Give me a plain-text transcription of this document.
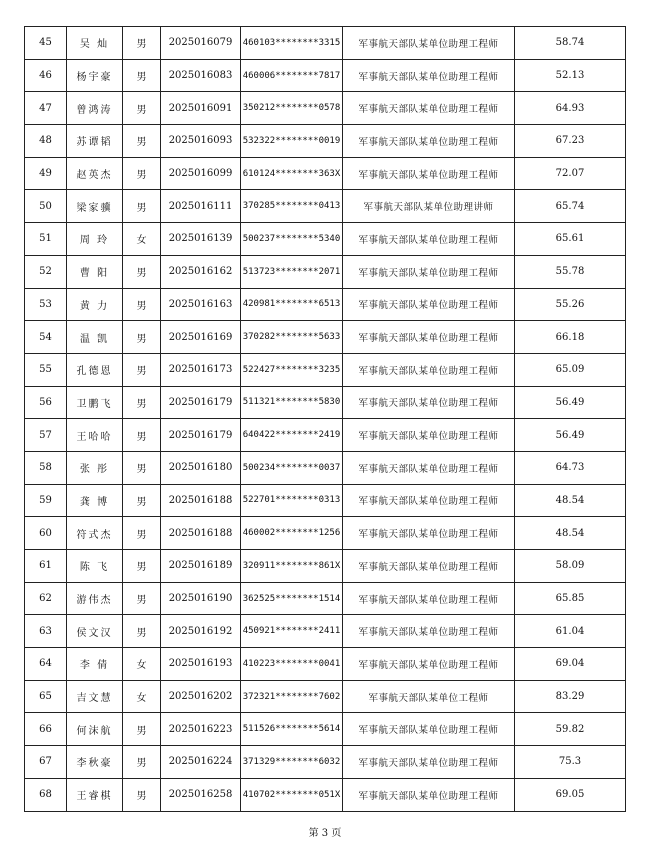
45	吴 灿	男	2025016079	460103********3315	军事航天部队某单位助理工程师	58.74
46	杨宇豪	男	2025016083	460006********7817	军事航天部队某单位助理工程师	52.13
47	曾鸿涛	男	2025016091	350212********0578	军事航天部队某单位助理工程师	64.93
48	苏谭韬	男	2025016093	532322********0019	军事航天部队某单位助理工程师	67.23
49	赵英杰	男	2025016099	610124********363X	军事航天部队某单位助理工程师	72.07
50	梁家骥	男	2025016111	370285********0413	军事航天部队某单位助理讲师	65.74
51	周 玲	女	2025016139	500237********5340	军事航天部队某单位助理工程师	65.61
52	曹 阳	男	2025016162	513723********2071	军事航天部队某单位助理工程师	55.78
53	黄 力	男	2025016163	420981********6513	军事航天部队某单位助理工程师	55.26
54	温 凯	男	2025016169	370282********5633	军事航天部队某单位助理工程师	66.18
55	孔德恩	男	2025016173	522427********3235	军事航天部队某单位助理工程师	65.09
56	卫鹏飞	男	2025016179	511321********5830	军事航天部队某单位助理工程师	56.49
57	王哈哈	男	2025016179	640422********2419	军事航天部队某单位助理工程师	56.49
58	张 彤	男	2025016180	500234********0037	军事航天部队某单位助理工程师	64.73
59	龚 博	男	2025016188	522701********0313	军事航天部队某单位助理工程师	48.54
60	符式杰	男	2025016188	460002********1256	军事航天部队某单位助理工程师	48.54
61	陈 飞	男	2025016189	320911********861X	军事航天部队某单位助理工程师	58.09
62	游伟杰	男	2025016190	362525********1514	军事航天部队某单位助理工程师	65.85
63	侯文汉	男	2025016192	450921********2411	军事航天部队某单位助理工程师	61.04
64	李 倩	女	2025016193	410223********0041	军事航天部队某单位助理工程师	69.04
65	吉文慧	女	2025016202	372321********7602	军事航天部队某单位工程师	83.29
66	何沫航	男	2025016223	511526********5614	军事航天部队某单位助理工程师	59.82
67	李秋豪	男	2025016224	371329********6032	军事航天部队某单位助理工程师	75.3
68	王睿棋	男	2025016258	410702********051X	军事航天部队某单位助理工程师	69.05
第 3 页
